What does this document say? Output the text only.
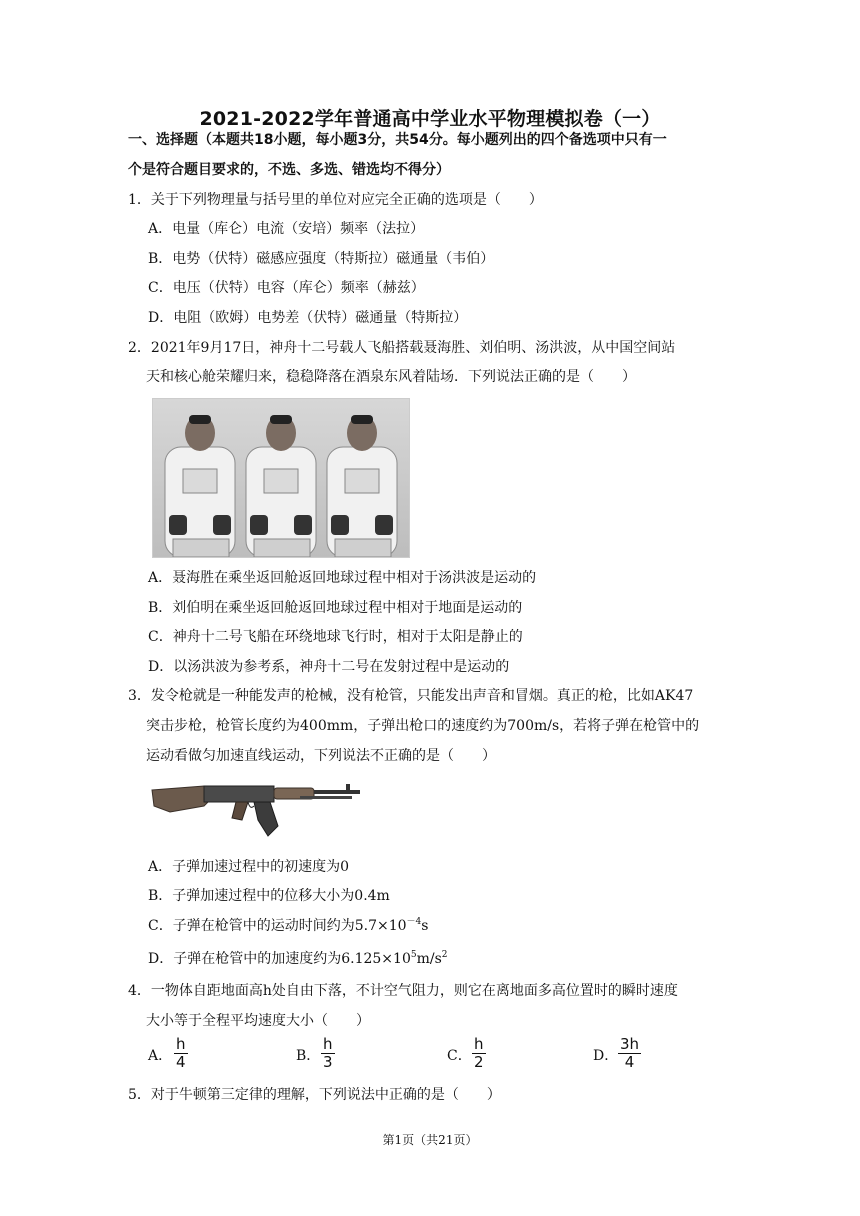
2021-2022学年普通高中学业水平物理模拟卷（一）
一、选择题（本题共18小题，每小题3分，共54分。每小题列出的四个备选项中只有一
个是符合题目要求的，不选、多选、错选均不得分）
1．关于下列物理量与括号里的单位对应完全正确的选项是（　　）
A．电量（库仑）电流（安培）频率（法拉）
B．电势（伏特）磁感应强度（特斯拉）磁通量（韦伯）
C．电压（伏特）电容（库仑）频率（赫兹）
D．电阻（欧姆）电势差（伏特）磁通量（特斯拉）
2．2021年9月17日，神舟十二号载人飞船搭载聂海胜、刘伯明、汤洪波，从中国空间站
天和核心舱荣耀归来，稳稳降落在酒泉东风着陆场．下列说法正确的是（　　）
A．聂海胜在乘坐返回舱返回地球过程中相对于汤洪波是运动的
B．刘伯明在乘坐返回舱返回地球过程中相对于地面是运动的
C．神舟十二号飞船在环绕地球飞行时，相对于太阳是静止的
D．以汤洪波为参考系，神舟十二号在发射过程中是运动的
3．发令枪就是一种能发声的枪械，没有枪管，只能发出声音和冒烟。真正的枪，比如AK47
突击步枪，枪管长度约为400mm，子弹出枪口的速度约为700m/s，若将子弹在枪管中的
运动看做匀加速直线运动，下列说法不正确的是（　　）
A．子弹加速过程中的初速度为0
B．子弹加速过程中的位移大小为0.4m
C．子弹在枪管中的运动时间约为$5.7\times 10^{-4}s$
D．子弹在枪管中的加速度约为$6.125\times 10^5m/s^2$
4．一物体自距地面高h处自由下落，不计空气阻力，则它在离地面多高位置时的瞬时速度
大小等于全程平均速度大小（　　）
A． $\frac{h}{4}$	B． $\frac{h}{3}$	C． $\frac{h}{2}$	D． $\frac{3h}{4}$
5．对于牛顿第三定律的理解，下列说法中正确的是（　　）
第1页（共21页）
